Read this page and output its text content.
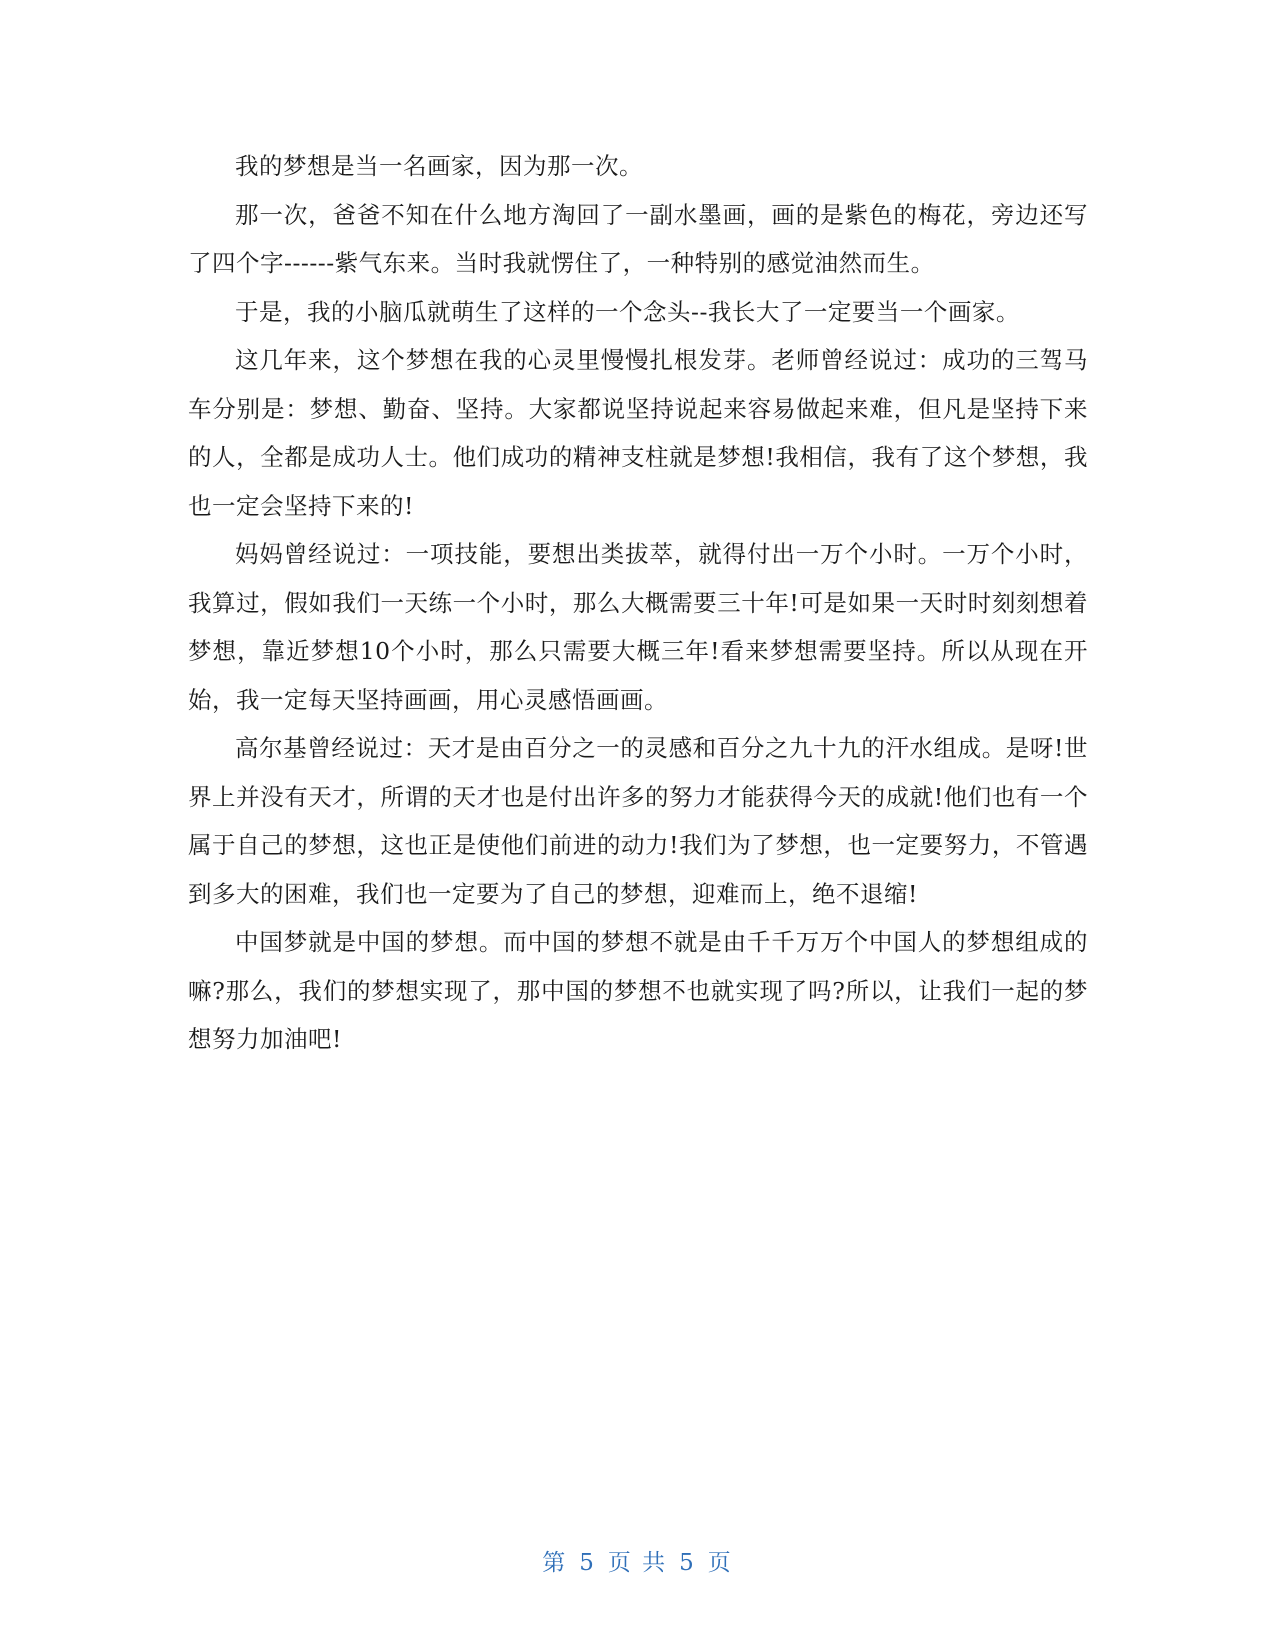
我的梦想是当一名画家，因为那一次。

那一次，爸爸不知在什么地方淘回了一副水墨画，画的是紫色的梅花，旁边还写了四个字------紫气东来。当时我就愣住了，一种特别的感觉油然而生。

于是，我的小脑瓜就萌生了这样的一个念头--我长大了一定要当一个画家。

这几年来，这个梦想在我的心灵里慢慢扎根发芽。老师曾经说过：成功的三驾马车分别是：梦想、勤奋、坚持。大家都说坚持说起来容易做起来难，但凡是坚持下来的人，全都是成功人士。他们成功的精神支柱就是梦想!我相信，我有了这个梦想，我也一定会坚持下来的!

妈妈曾经说过：一项技能，要想出类拔萃，就得付出一万个小时。一万个小时，我算过，假如我们一天练一个小时，那么大概需要三十年!可是如果一天时时刻刻想着梦想，靠近梦想10个小时，那么只需要大概三年!看来梦想需要坚持。所以从现在开始，我一定每天坚持画画，用心灵感悟画画。

高尔基曾经说过：天才是由百分之一的灵感和百分之九十九的汗水组成。是呀!世界上并没有天才，所谓的天才也是付出许多的努力才能获得今天的成就!他们也有一个属于自己的梦想，这也正是使他们前进的动力!我们为了梦想，也一定要努力，不管遇到多大的困难，我们也一定要为了自己的梦想，迎难而上，绝不退缩!

中国梦就是中国的梦想。而中国的梦想不就是由千千万万个中国人的梦想组成的嘛?那么，我们的梦想实现了，那中国的梦想不也就实现了吗?所以，让我们一起的梦想努力加油吧!

第 5 页 共 5 页
